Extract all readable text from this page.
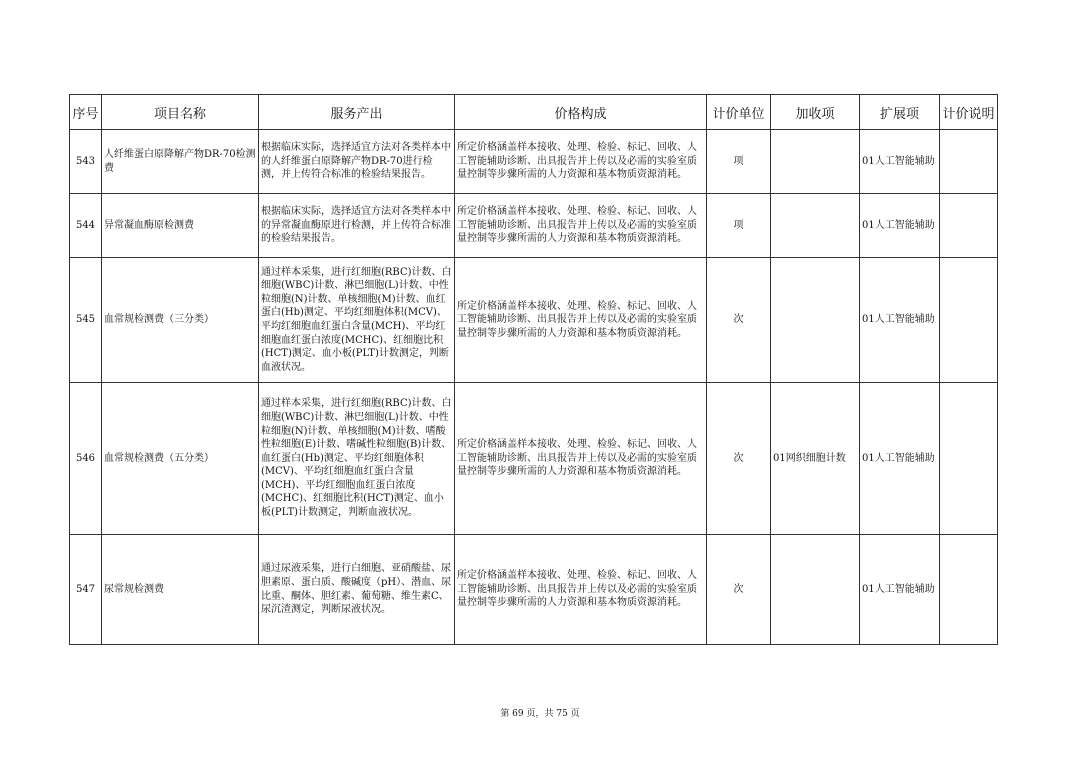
序号	项目名称	服务产出	价格构成	计价单位	加收项	扩展项	计价说明
543	人纤维蛋白原降解产物DR-70检测费	根据临床实际，选择适宜方法对各类样本中的人纤维蛋白原降解产物DR-70进行检测，并上传符合标准的检验结果报告。	所定价格涵盖样本接收、处理、检验、标记、回收、人工智能辅助诊断、出具报告并上传以及必需的实验室质量控制等步骤所需的人力资源和基本物质资源消耗。	项		01人工智能辅助	
544	异常凝血酶原检测费	根据临床实际，选择适宜方法对各类样本中的异常凝血酶原进行检测，并上传符合标准的检验结果报告。	所定价格涵盖样本接收、处理、检验、标记、回收、人工智能辅助诊断、出具报告并上传以及必需的实验室质量控制等步骤所需的人力资源和基本物质资源消耗。	项		01人工智能辅助	
545	血常规检测费（三分类）	通过样本采集，进行红细胞(RBC)计数、白细胞(WBC)计数、淋巴细胞(L)计数、中性粒细胞(N)计数、单核细胞(M)计数、血红蛋白(Hb)测定、平均红细胞体积(MCV)、平均红细胞血红蛋白含量(MCH)、平均红细胞血红蛋白浓度(MCHC)、红细胞比积(HCT)测定、血小板(PLT)计数测定，判断血液状况。	所定价格涵盖样本接收、处理、检验、标记、回收、人工智能辅助诊断、出具报告并上传以及必需的实验室质量控制等步骤所需的人力资源和基本物质资源消耗。	次		01人工智能辅助	
546	血常规检测费（五分类）	通过样本采集，进行红细胞(RBC)计数、白细胞(WBC)计数、淋巴细胞(L)计数、中性粒细胞(N)计数、单核细胞(M)计数、嗜酸性粒细胞(E)计数、嗜碱性粒细胞(B)计数、血红蛋白(Hb)测定、平均红细胞体积(MCV)、平均红细胞血红蛋白含量(MCH)、平均红细胞血红蛋白浓度(MCHC)、红细胞比积(HCT)测定、血小板(PLT)计数测定，判断血液状况。	所定价格涵盖样本接收、处理、检验、标记、回收、人工智能辅助诊断、出具报告并上传以及必需的实验室质量控制等步骤所需的人力资源和基本物质资源消耗。	次	01网织细胞计数	01人工智能辅助	
547	尿常规检测费	通过尿液采集，进行白细胞、亚硝酸盐、尿胆素原、蛋白质、酸碱度（pH）、潜血、尿比重、酮体、胆红素、葡萄糖、维生素C、尿沉渣测定，判断尿液状况。	所定价格涵盖样本接收、处理、检验、标记、回收、人工智能辅助诊断、出具报告并上传以及必需的实验室质量控制等步骤所需的人力资源和基本物质资源消耗。	次		01人工智能辅助	
第 69 页，共 75 页
